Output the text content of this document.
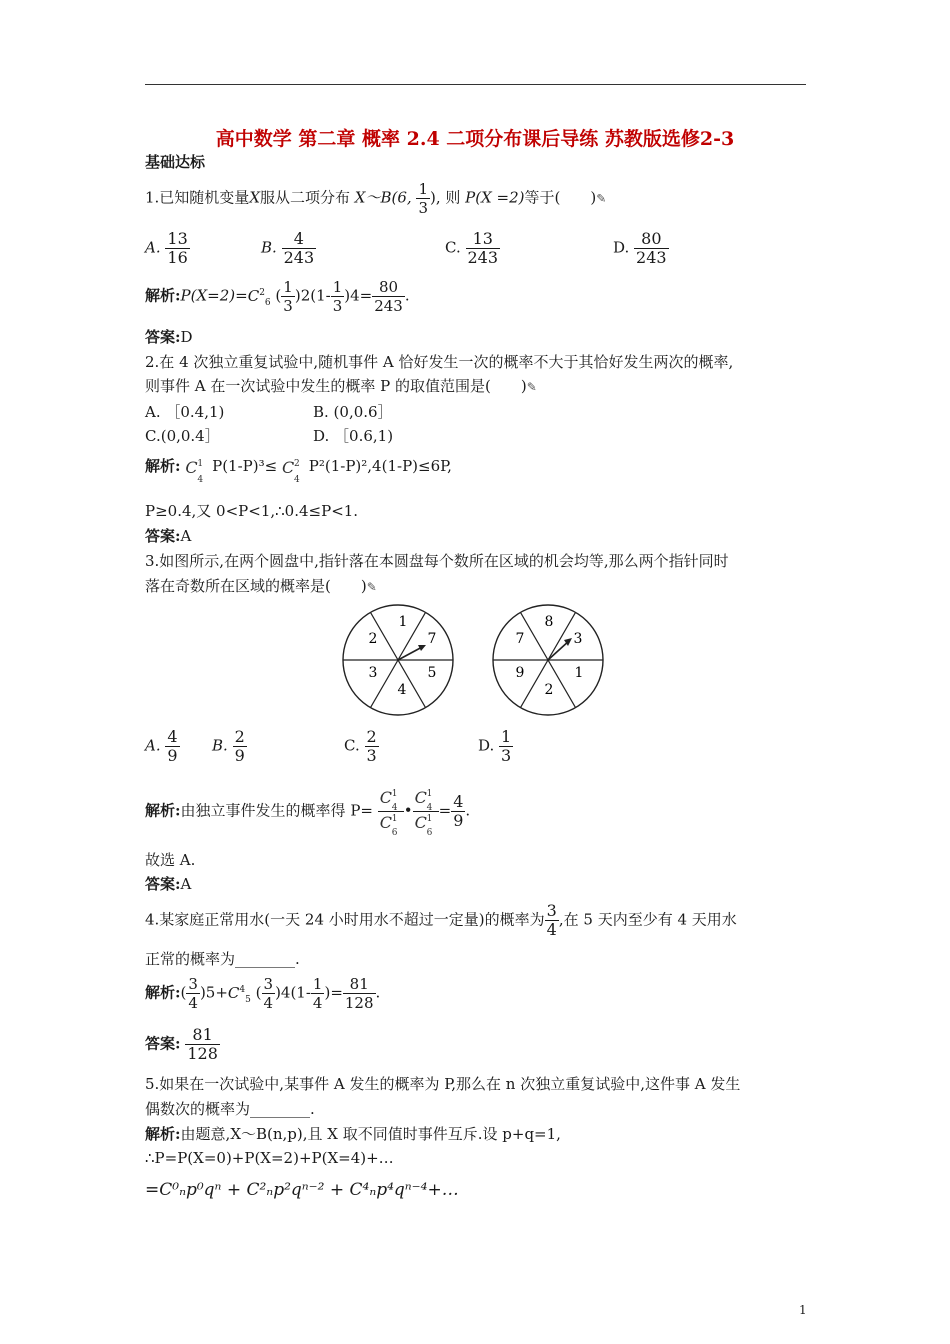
高中数学 第二章 概率 2.4 二项分布课后导练 苏教版选修2-3
基础达标
1.已知随机变量X服从二项分布 X～B(6, $\frac{1}{3}$ ), 则 P(X =2)等于(　　)✎
A. $\frac{13}{16}$	B. $\frac{4}{243}$	C. $\frac{13}{243}$	D. $\frac{80}{243}$
解析$:P(X=2)=C^2_6$ ( $\frac{1}{3} )2(1- \frac{1}{3} )4= \frac{80}{243}$ .
答案:D
2.在 4 次独立重复试验中,随机事件 A 恰好发生一次的概率不大于其恰好发生两次的概率,
则事件 A 在一次试验中发生的概率 P 的取值范围是(　　)✎
A. ［0.4,1)	B. (0,0.6］
C.(0,0.4］	D. ［0.6,1)
解析: C 1
4
P(1-P)³≤ C 2
4
P²(1-P)²,4(1-P)≤6P,
P≥0.4,又 0<P<1,∴0.4≤P<1.
答案:A
3.如图所示,在两个圆盘中,指针落在本圆盘每个数所在区域的机会均等,那么两个指针同时
落在奇数所在区域的概率是(　　)✎
1
7
5
4
3
2
8
3
1
2
9
7
A. $\frac{4}{9} B$. $\frac{2}{9}$	C. $\frac{2}{3}$	D. $\frac{1}{3}$
解析:由独立事件发生的概率得 P= C 1
4
C 1
6 • C 1
4
C 1
$6 = \frac{4}{9}$ .
故选 A.
答案:A
4.某家庭正常用水(一天 24 小时用水不超过一定量)的概率为 $\frac{3}{4}$ ,在 5 天内至少有 4 天用水
正常的概率为________.
解析:( $\frac{3}{4} )5+C^4_5$ ( $\frac{3}{4} )4(1- \frac{1}{4}$ )= $\frac{81}{128}$ .
答案: $\frac{81}{128}$
5.如果在一次试验中,某事件 A 发生的概率为 P,那么在 n 次独立重复试验中,这件事 A 发生
偶数次的概率为________.
解析:由题意,X～B(n,p),且 X 取不同值时事件互斥.设 p+q=1,
∴P=P(X=0)+P(X=2)+P(X=4)+…
=C⁰ₙp⁰qⁿ + C²ₙp²qⁿ⁻² + C⁴ₙp⁴qⁿ⁻⁴+…
1
